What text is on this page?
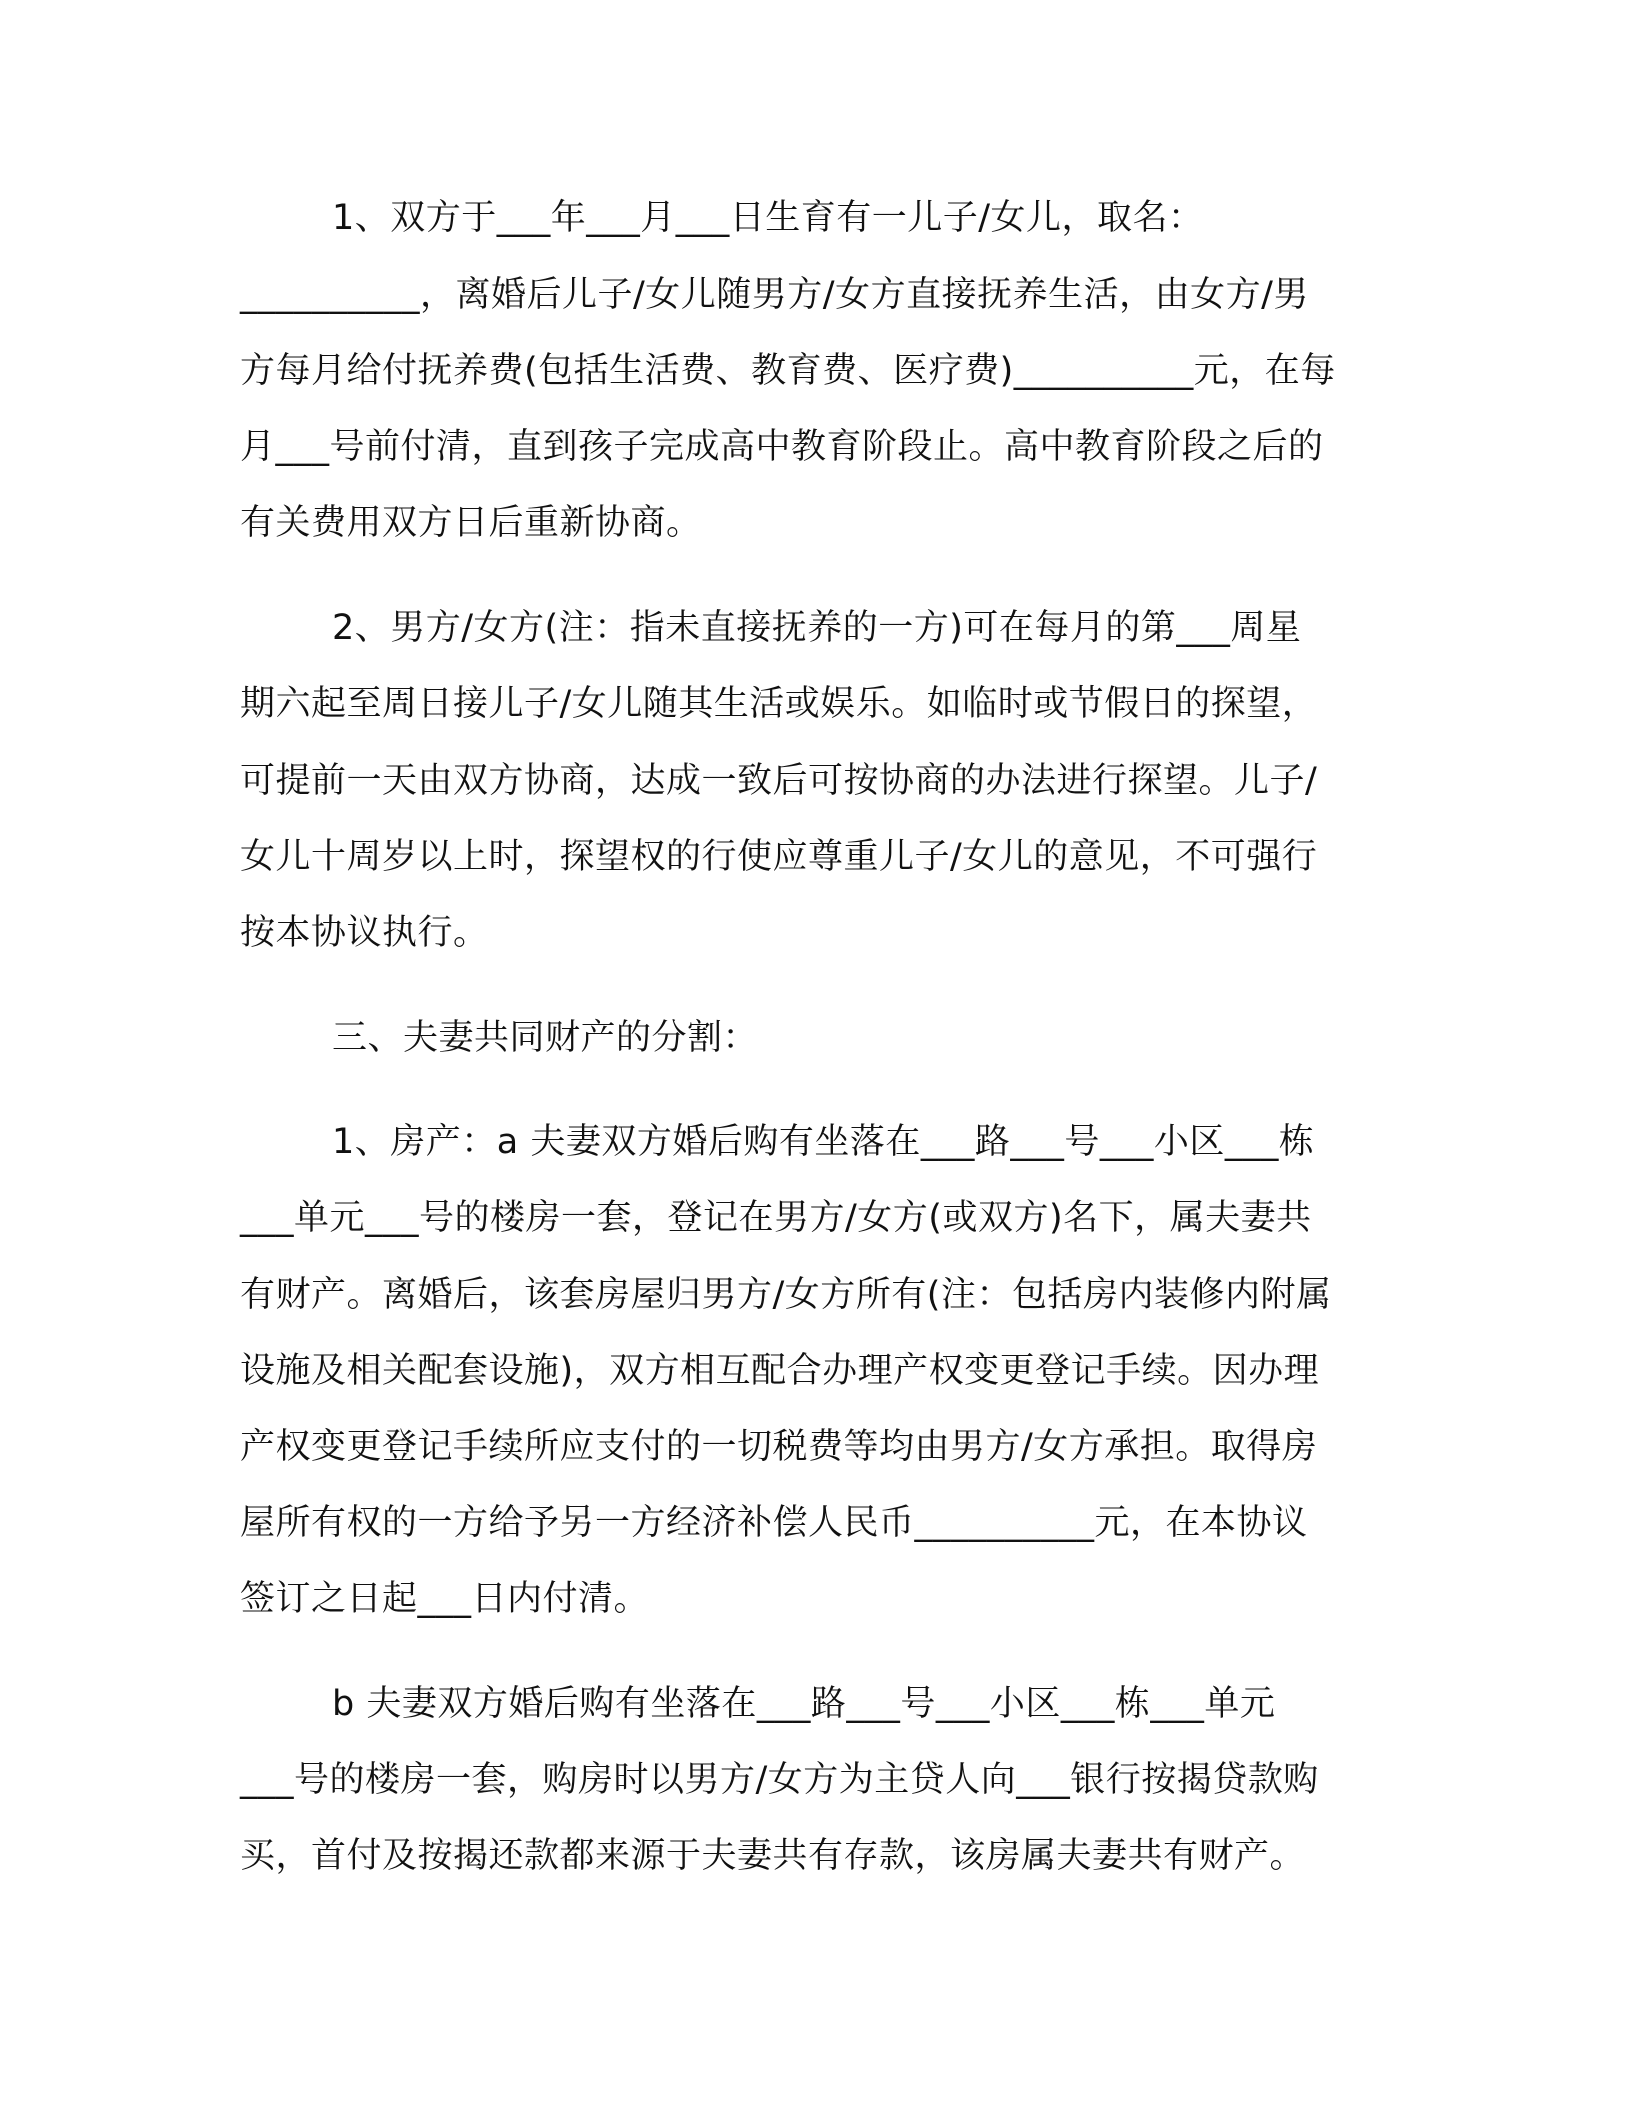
1、双方于___年___月___日生育有一儿子/女儿，取名：
__________，离婚后儿子/女儿随男方/女方直接抚养生活，由女方/男
方每月给付抚养费(包括生活费、教育费、医疗费)__________元，在每
月___号前付清，直到孩子完成高中教育阶段止。高中教育阶段之后的
有关费用双方日后重新协商。
2、男方/女方(注：指未直接抚养的一方)可在每月的第___周星
期六起至周日接儿子/女儿随其生活或娱乐。如临时或节假日的探望，
可提前一天由双方协商，达成一致后可按协商的办法进行探望。儿子/
女儿十周岁以上时，探望权的行使应尊重儿子/女儿的意见，不可强行
按本协议执行。
三、夫妻共同财产的分割：
1、房产：a 夫妻双方婚后购有坐落在___路___号___小区___栋
___单元___号的楼房一套，登记在男方/女方(或双方)名下，属夫妻共
有财产。离婚后，该套房屋归男方/女方所有(注：包括房内装修内附属
设施及相关配套设施)，双方相互配合办理产权变更登记手续。因办理
产权变更登记手续所应支付的一切税费等均由男方/女方承担。取得房
屋所有权的一方给予另一方经济补偿人民币__________元，在本协议
签订之日起___日内付清。
b 夫妻双方婚后购有坐落在___路___号___小区___栋___单元
___号的楼房一套，购房时以男方/女方为主贷人向___银行按揭贷款购
买，首付及按揭还款都来源于夫妻共有存款，该房属夫妻共有财产。
